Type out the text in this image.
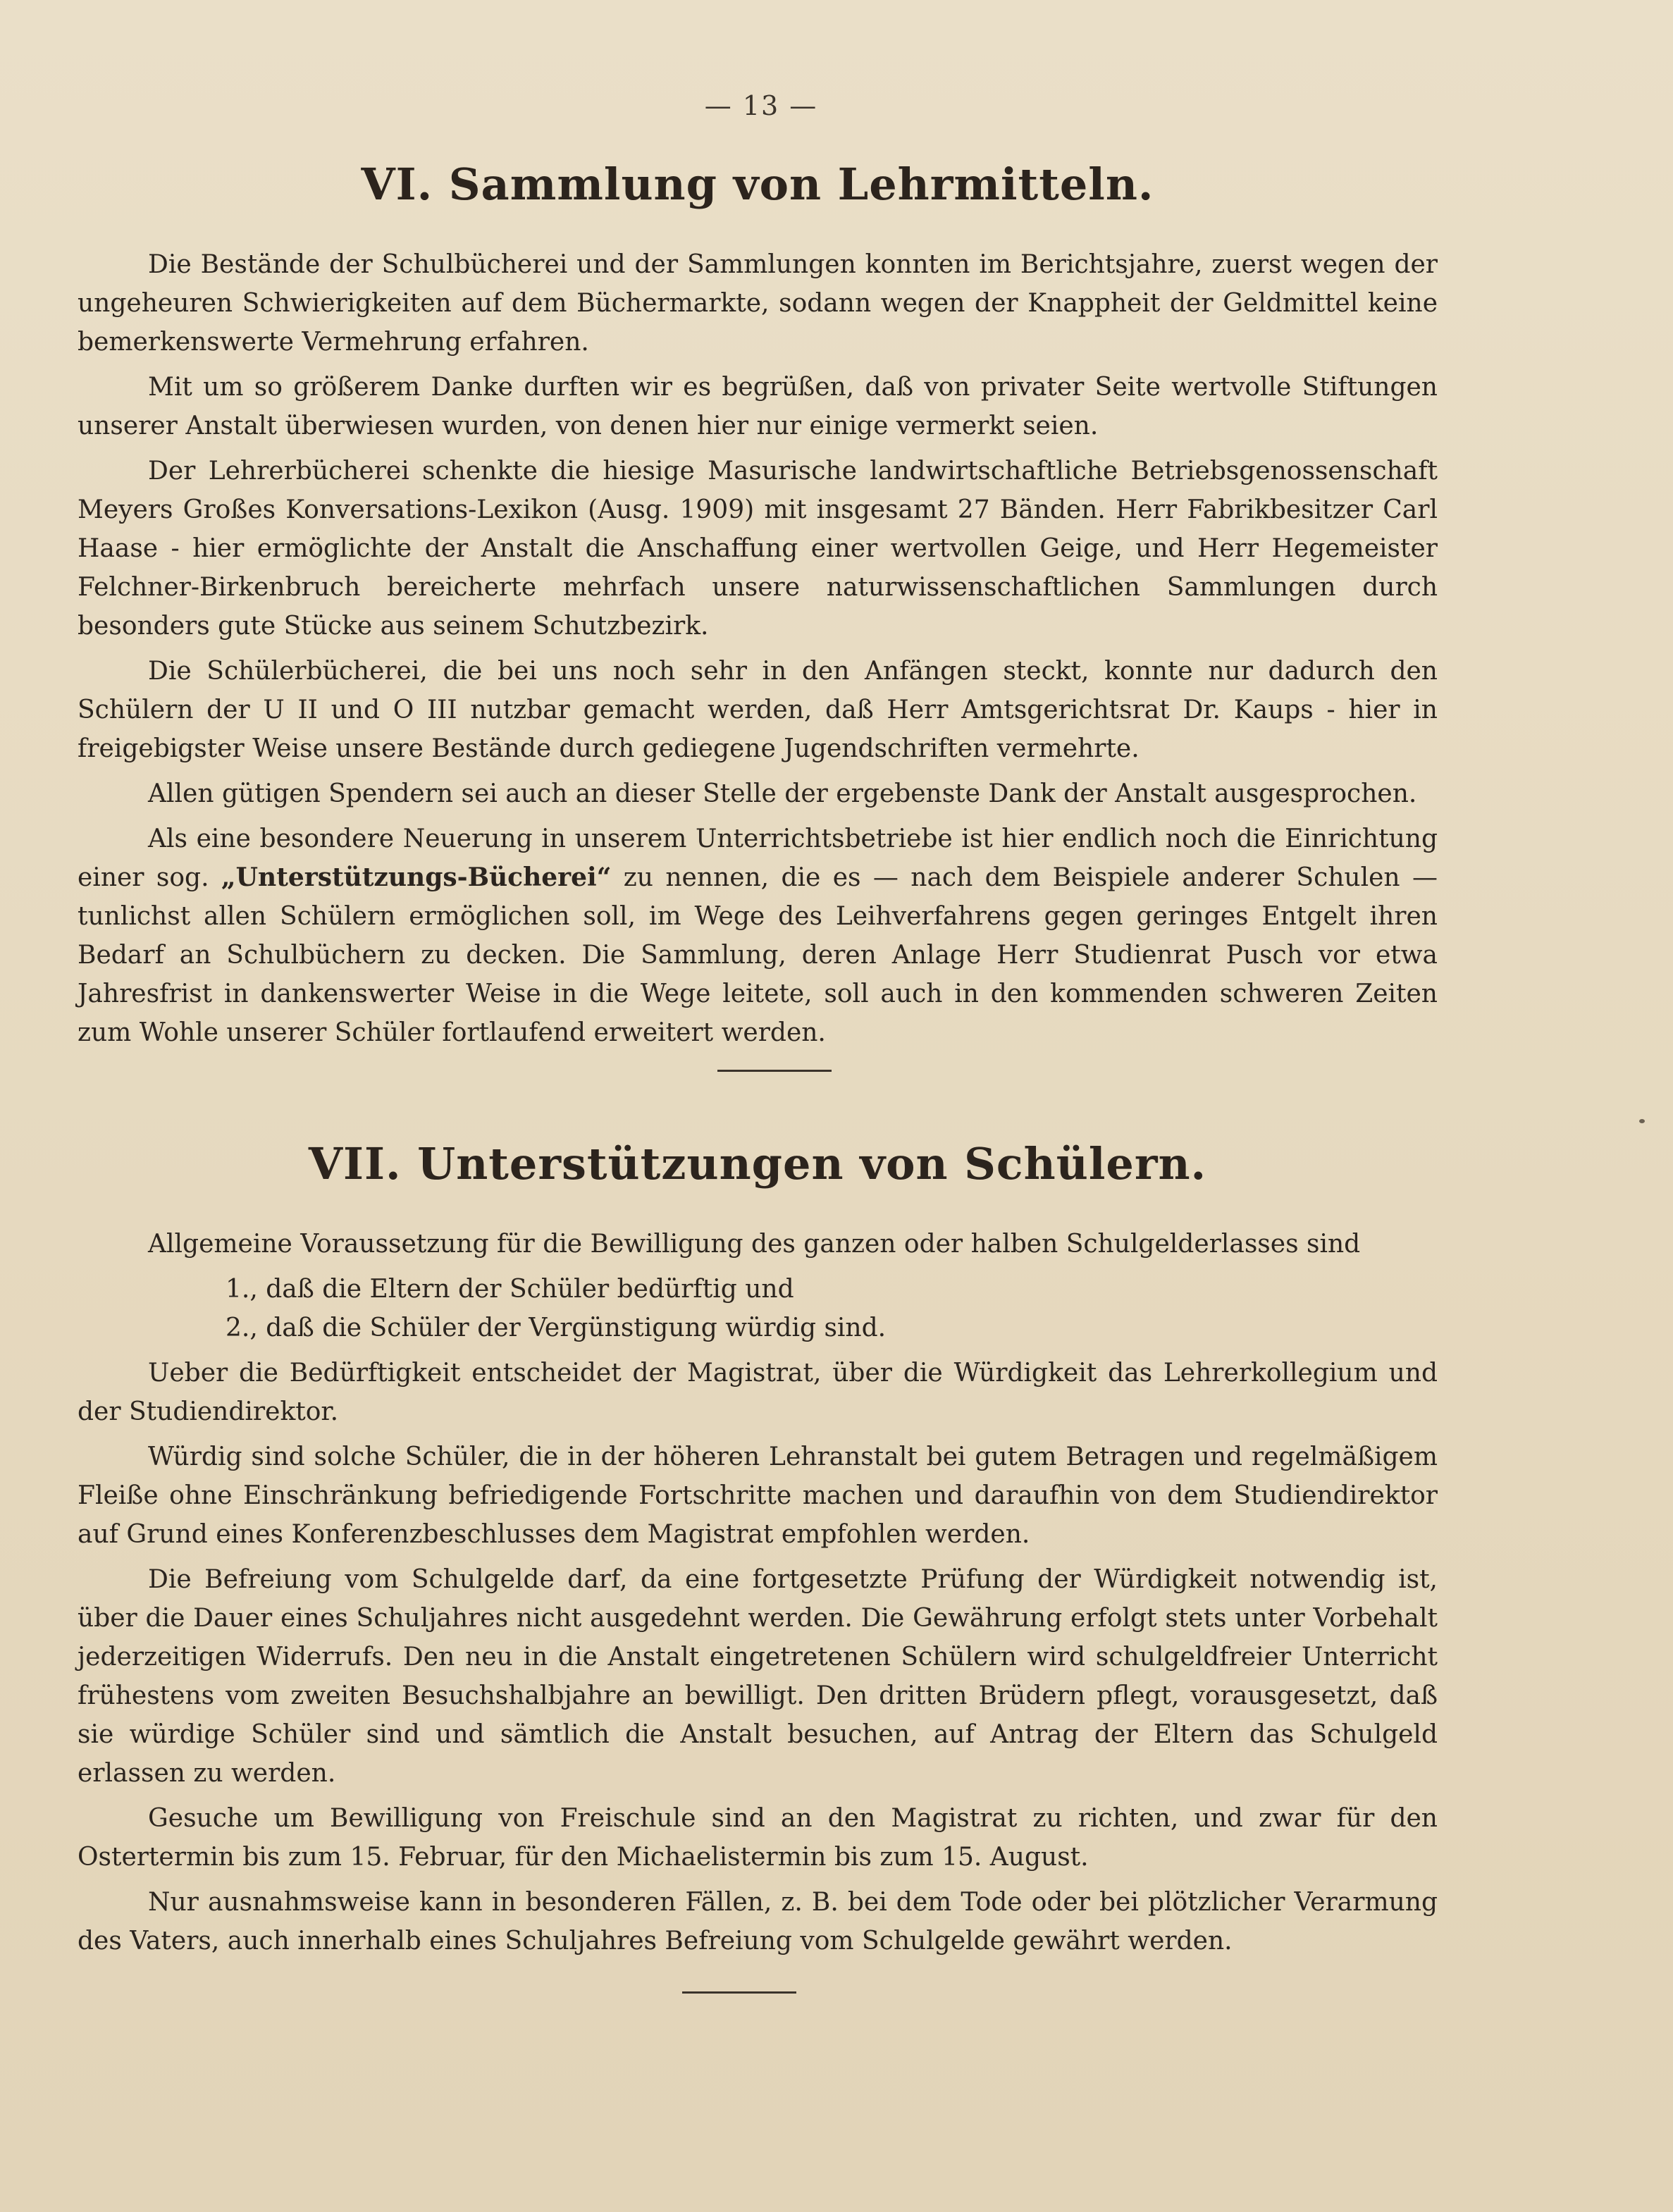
— 13 —
VI. Sammlung von Lehrmitteln.

Die Bestände der Schulbücherei und der Sammlungen konnten im Berichtsjahre, zuerst wegen der ungeheuren Schwierigkeiten auf dem Büchermarkte, sodann wegen der Knappheit der Geldmittel keine bemerkenswerte Vermehrung erfahren.

Mit um so größerem Danke durften wir es begrüßen, daß von privater Seite wertvolle Stiftungen unserer Anstalt überwiesen wurden, von denen hier nur einige vermerkt seien.

Der Lehrerbücherei schenkte die hiesige Masurische landwirtschaftliche Betriebsgenossenschaft Meyers Großes Konversations-Lexikon (Ausg. 1909) mit insgesamt 27 Bänden. Herr Fabrikbesitzer Carl Haase - hier ermöglichte der Anstalt die Anschaffung einer wertvollen Geige, und Herr Hegemeister Felchner-Birkenbruch bereicherte mehrfach unsere naturwissenschaftlichen Sammlungen durch besonders gute Stücke aus seinem Schutzbezirk.

Die Schülerbücherei, die bei uns noch sehr in den Anfängen steckt, konnte nur dadurch den Schülern der U II und O III nutzbar gemacht werden, daß Herr Amtsgerichtsrat Dr. Kaups - hier in freigebigster Weise unsere Bestände durch gediegene Jugendschriften vermehrte.

Allen gütigen Spendern sei auch an dieser Stelle der ergebenste Dank der Anstalt ausgesprochen.

Als eine besondere Neuerung in unserem Unterrichtsbetriebe ist hier endlich noch die Einrichtung einer sog. „Unterstützungs-Bücherei“ zu nennen, die es — nach dem Beispiele anderer Schulen — tunlichst allen Schülern ermöglichen soll, im Wege des Leihverfahrens gegen geringes Entgelt ihren Bedarf an Schulbüchern zu decken. Die Sammlung, deren Anlage Herr Studienrat Pusch vor etwa Jahresfrist in dankenswerter Weise in die Wege leitete, soll auch in den kommenden schweren Zeiten zum Wohle unserer Schüler fortlaufend erweitert werden.

VII. Unterstützungen von Schülern.

Allgemeine Voraussetzung für die Bewilligung des ganzen oder halben Schulgelderlasses sind

1., daß die Eltern der Schüler bedürftig und

2., daß die Schüler der Vergünstigung würdig sind.

Ueber die Bedürftigkeit entscheidet der Magistrat, über die Würdigkeit das Lehrerkollegium und der Studiendirektor.

Würdig sind solche Schüler, die in der höheren Lehranstalt bei gutem Betragen und regelmäßigem Fleiße ohne Einschränkung befriedigende Fortschritte machen und daraufhin von dem Studiendirektor auf Grund eines Konferenzbeschlusses dem Magistrat empfohlen werden.

Die Befreiung vom Schulgelde darf, da eine fortgesetzte Prüfung der Würdigkeit notwendig ist, über die Dauer eines Schuljahres nicht ausgedehnt werden. Die Gewährung erfolgt stets unter Vorbehalt jederzeitigen Widerrufs. Den neu in die Anstalt eingetretenen Schülern wird schulgeldfreier Unterricht frühestens vom zweiten Besuchshalbjahre an bewilligt. Den dritten Brüdern pflegt, vorausgesetzt, daß sie würdige Schüler sind und sämtlich die Anstalt besuchen, auf Antrag der Eltern das Schulgeld erlassen zu werden.

Gesuche um Bewilligung von Freischule sind an den Magistrat zu richten, und zwar für den Ostertermin bis zum 15. Februar, für den Michaelistermin bis zum 15. August.

Nur ausnahmsweise kann in besonderen Fällen, z. B. bei dem Tode oder bei plötzlicher Verarmung des Vaters, auch innerhalb eines Schuljahres Befreiung vom Schulgelde gewährt werden.
